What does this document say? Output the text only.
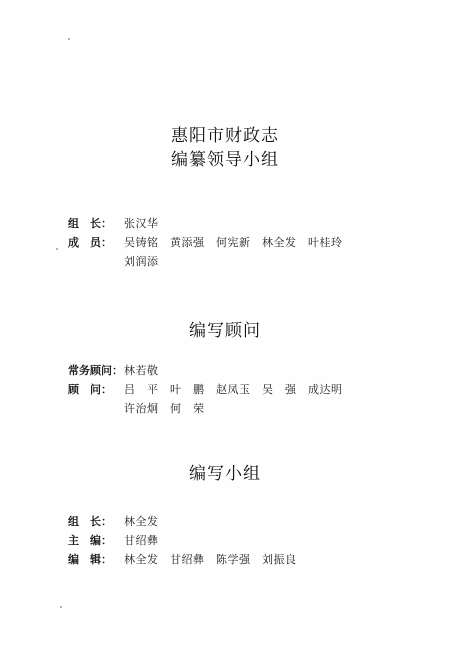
惠阳市财政志
编纂领导小组
组　长： 张汉华
成　员： 吴铸铭　黄添强　何宪新　林全发　叶桂玲
刘润添
编写顾问
常务顾问：林若敬
顾　问： 吕　平　叶　鹏　赵凤玉　吴　强　成达明
许治炯　何　荣
编写小组
组　长： 林全发
主　编： 甘绍彝
编　辑： 林全发　甘绍彝　陈学强　刘振良
